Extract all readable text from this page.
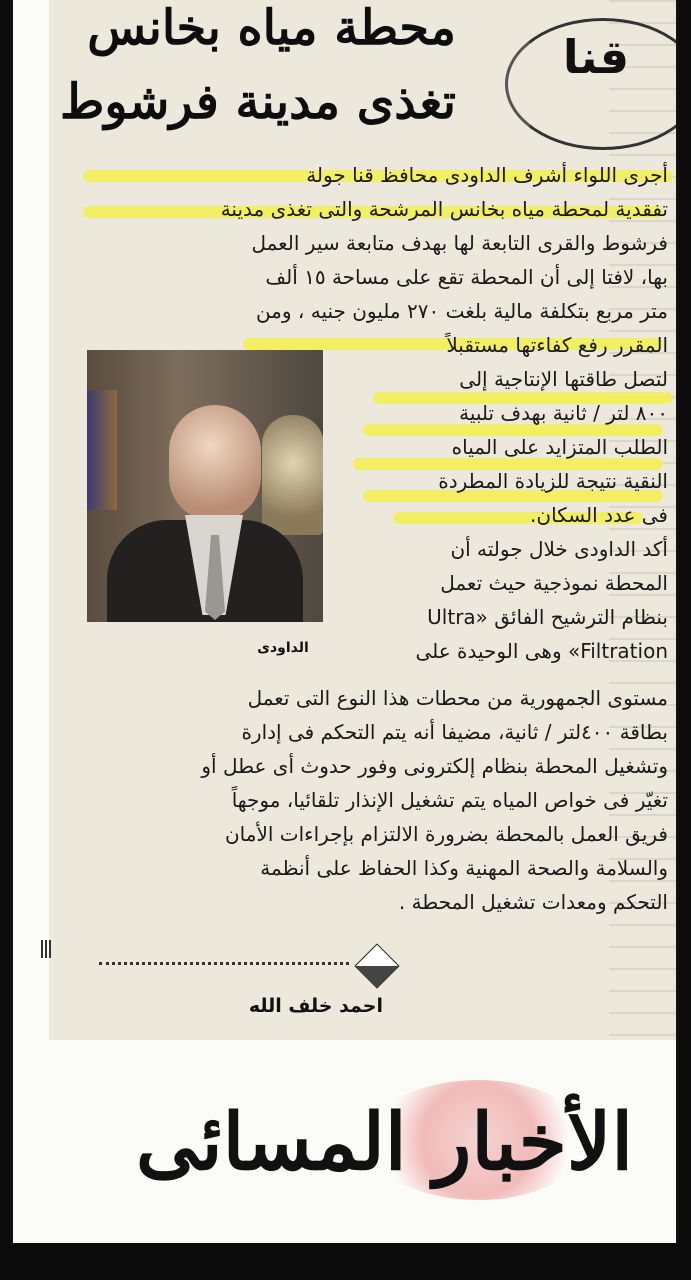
قنا
محطة مياه بخانس
تغذى مدينة فرشوط
أجرى اللواء أشرف الداودى محافظ قنا جولة
تفقدية لمحطة مياه بخانس المرشحة والتى تغذى مدينة
فرشوط والقرى التابعة لها بهدف متابعة سير العمل
بها، لافتا إلى أن المحطة تقع على مساحة ١٥ ألف
متر مربع بتكلفة مالية بلغت ٢٧٠ مليون جنيه ، ومن
المقرر رفع كفاءتها مستقبلاً
لتصل طاقتها الإنتاجية إلى
٨٠٠ لتر / ثانية بهدف تلبية
الطلب المتزايد على المياه
النقية نتيجة للزيادة المطردة
فى عدد السكان.
أكد الداودى خلال جولته أن
المحطة نموذجية حيث تعمل
بنظام الترشيح الفائق «Ultra
Filtration» وهى الوحيدة على
مستوى الجمهورية من محطات هذا النوع التى تعمل
بطاقة ٤٠٠لتر / ثانية، مضيفا أنه يتم التحكم فى إدارة
وتشغيل المحطة بنظام إلكترونى وفور حدوث أى عطل أو
تغيّر فى خواص المياه يتم تشغيل الإنذار تلقائيا، موجهاً
فريق العمل بالمحطة بضرورة الالتزام بإجراءات الأمان
والسلامة والصحة المهنية وكذا الحفاظ على أنظمة
التحكم ومعدات تشغيل المحطة .
الداودى
احمد خلف الله
الأخبار المسائى
